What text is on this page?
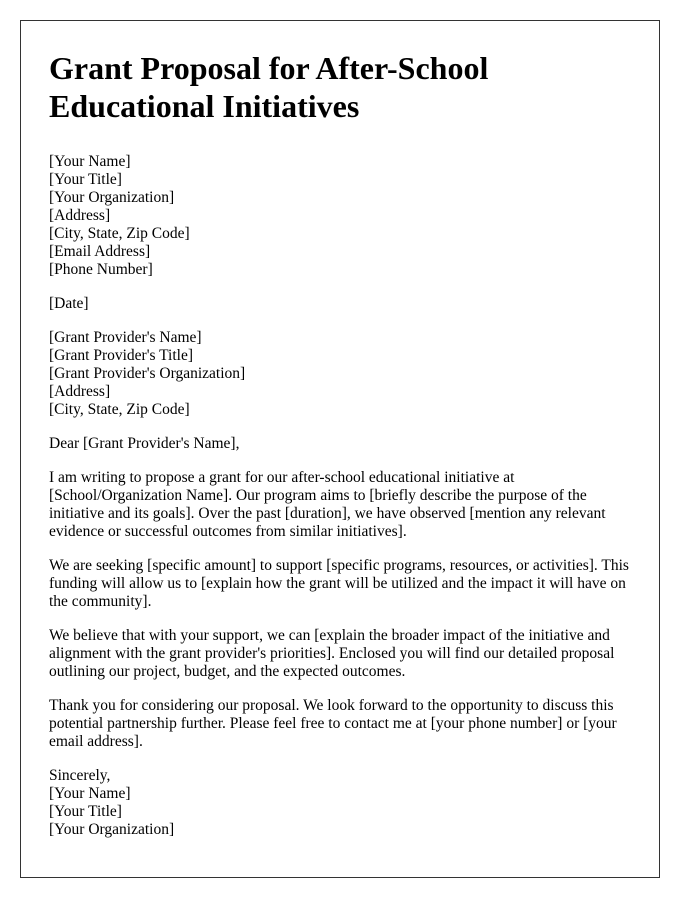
Grant Proposal for After-School Educational Initiatives
[Your Name]
[Your Title]
[Your Organization]
[Address]
[City, State, Zip Code]
[Email Address]
[Phone Number]
[Date]
[Grant Provider's Name]
[Grant Provider's Title]
[Grant Provider's Organization]
[Address]
[City, State, Zip Code]

Dear [Grant Provider's Name],

I am writing to propose a grant for our after-school educational initiative at [School/Organization Name]. Our program aims to [briefly describe the purpose of the initiative and its goals]. Over the past [duration], we have observed [mention any relevant evidence or successful outcomes from similar initiatives].

We are seeking [specific amount] to support [specific programs, resources, or activities]. This funding will allow us to [explain how the grant will be utilized and the impact it will have on the community].

We believe that with your support, we can [explain the broader impact of the initiative and alignment with the grant provider's priorities]. Enclosed you will find our detailed proposal outlining our project, budget, and the expected outcomes.

Thank you for considering our proposal. We look forward to the opportunity to discuss this potential partnership further. Please feel free to contact me at [your phone number] or [your email address].

Sincerely,
[Your Name]
[Your Title]
[Your Organization]
